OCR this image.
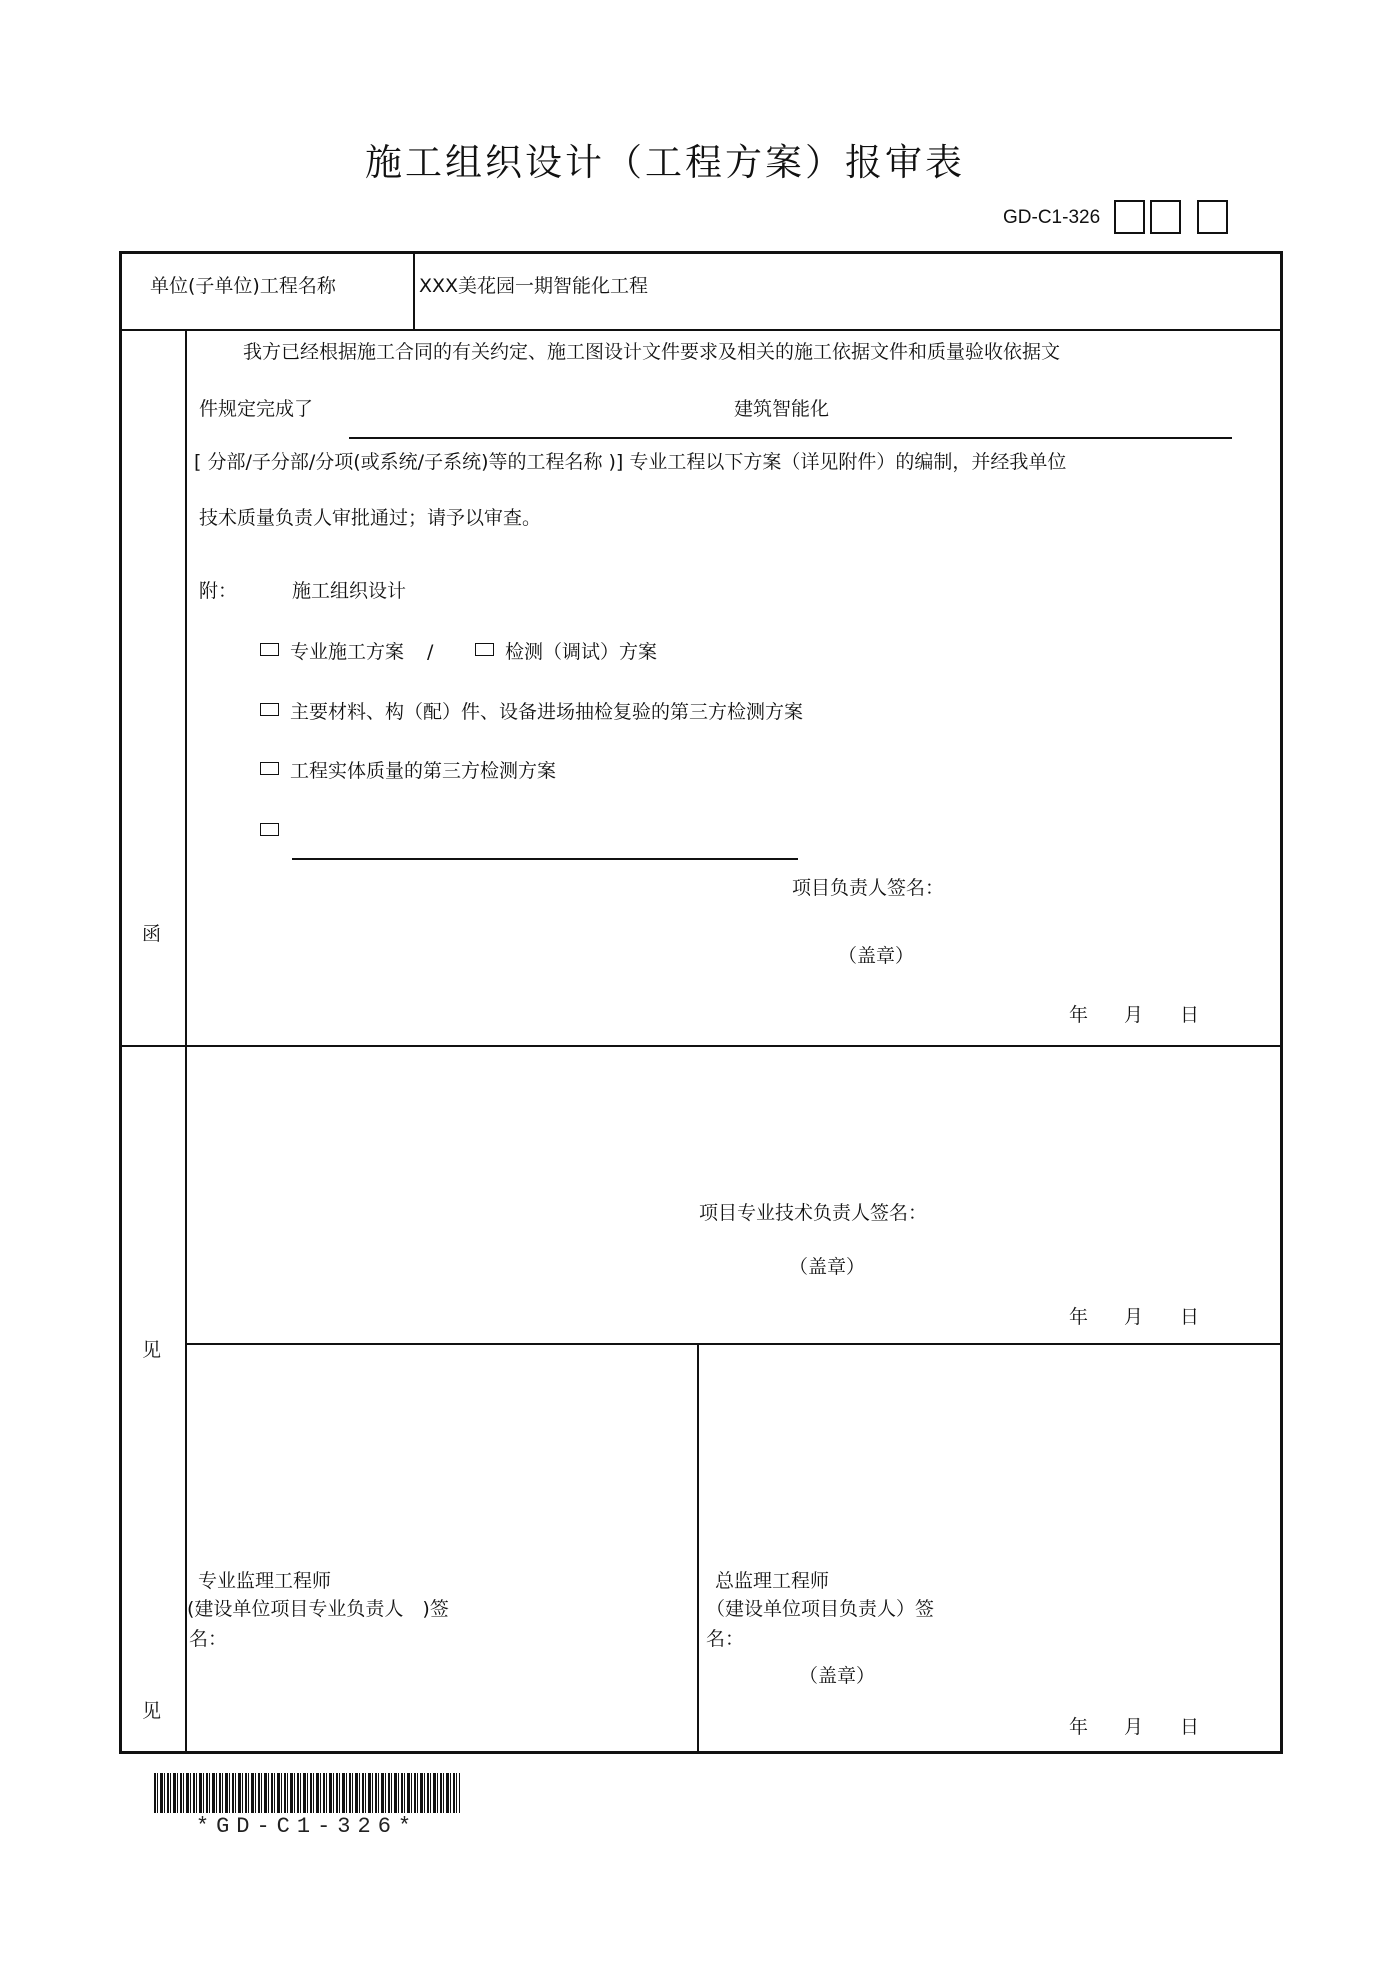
施工组织设计（工程方案）报审表
GD-C1-326
单位(子单位)工程名称	XXX美花园一期智能化工程
函
我方已经根据施工合同的有关约定、施工图设计文件要求及相关的施工依据文件和质量验收依据文
件规定完成了	建筑智能化
[ 分部/子分部/分项(或系统/子系统)等的工程名称 )] 专业工程以下方案（详见附件）的编制，并经我单位
技术质量负责人审批通过；请予以审查。
附：	施工组织设计
专业施工方案 /	检测（调试）方案
主要材料、构（配）件、设备进场抽检复验的第三方检测方案
工程实体质量的第三方检测方案
项目负责人签名：
（盖章）
年 月 日
见
项目专业技术负责人签名：
（盖章）
年 月 日
见
专业监理工程师
(建设单位项目专业负责人　)签
名：
总监理工程师
（建设单位项目负责人）签
名：
（盖章）
年 月 日
*GD-C1-326*
